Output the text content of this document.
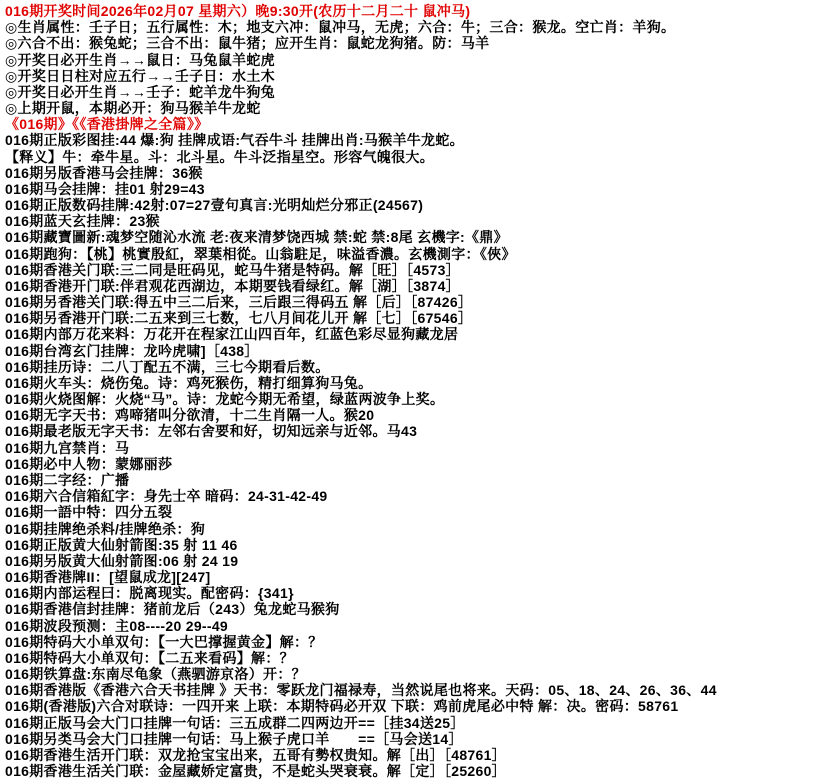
016期开奖时间2026年02月07 星期六）晚9:30开(农历十二月二十 鼠冲马)
◎生肖属性：壬子日；五行属性：木；地支六冲：鼠冲马，无虎；六合：牛；三合：猴龙。空亡肖：羊狗。
◎六合不出：猴兔蛇；三合不出：鼠牛猪；应开生肖：鼠蛇龙狗猪。防：马羊
◎开奖日必开生肖→→鼠日：马兔鼠羊蛇虎
◎开奖日日柱对应五行→→壬子日：水土木
◎开奖日必开生肖→→壬子：蛇羊龙牛狗兔
◎上期开鼠，本期必开：狗马猴羊牛龙蛇
《016期》《《香港掛牌之全篇》》
016期正版彩图挂:44 爆:狗 挂牌成语:气吞牛斗 挂牌出肖:马猴羊牛龙蛇。
【释义】牛：牵牛星。斗：北斗星。牛斗泛指星空。形容气魄很大。
016期另版香港马会挂牌：36猴
016期马会挂牌：挂01 射29=43
016期正版数码挂牌:42射:07=27壹句真言:光明灿烂分邪正(24567)
016期蓝天玄挂牌：23猴
016期藏寶圖新:魂梦空随沁水流 老:夜来清梦饶西城 禁:蛇 禁:8尾 玄機字:《鼎》
016期跑狗：【桃】桃實殷紅，翠葉相從。山翁駐足，味溢香濃。玄機測字：《俠》
016期香港关门联:三二同是旺码见，蛇马牛猪是特码。解［旺］［4573］
016期香港开门联:伴君观花西湖边，本期要钱看绿红。解［湖］［3874］
016期另香港关门联:得五中三二后来，三后跟三得码五 解［后］［87426］
016期另香港开门联:二五来到三七数，七八月间花儿开 解［七］［67546］
016期内部万花来料：万花开在程家江山四百年，红蓝色彩尽显狗藏龙居
016期台湾玄门挂牌：龙吟虎啸]［438］
016期挂历诗：二八丁配五不满，三七今期看后数。
016期火车头：烧伤兔。诗：鸡死猴伤，精打细算狗马兔。
016期火烧图解：火烧“马”。诗：龙蛇今期无希望，绿蓝两波争上奖。
016期无字天书：鸡啼猪叫分欲清，十二生肖隔一人。猴20
016期最老版无字天书：左邻右舍要和好，切知远亲与近邻。马43
016期九宫禁肖：马
016期必中人物：蒙娜丽莎
016期二字经：广播
016期六合信箱紅字：身先士卒 暗码：24-31-42-49
016期一語中特：四分五裂
016期挂牌绝杀料/挂牌绝杀：狗
016期正版黄大仙射箭图:35 射 11 46
016期另版黄大仙射箭图:06 射 24 19
016期香港牌II：[望鼠成龙][247]
016期内部运程曰：脱离现实。配密码：{341}
016期香港信封挂牌：猪前龙后（243）兔龙蛇马猴狗
016期波段预测：主08----20 29--49
016期特码大小单双句：【一大巴撑握黄金】解：？
016期特码大小单双句：【二五来看码】解：？
016期铁算盘:东南尽龟象（燕驷游京洛）开：？
016期香港版《香港六合天书挂牌 》天书：零跃龙门福禄寿，当然说尾也将来。天码：05、18、24、26、36、44
016期(香港版)六合对联诗：一四开来 上联：本期特码必开双 下联：鸡前虎尾必中特 解：决。密码：58761
016期正版马会大门口挂牌一句话：三五成群二四两边开==［挂34送25］
016期另类马会大门口挂牌一句话：马上猴子虎口羊　　==［马会送14］
016期香港生活开门联：双龙抢宝宝出来，五哥有勢权贵知。解［出］［48761］
016期香港生活关门联：金屋藏娇定富贵，不是蛇头哭衰衰。解［定］［25260］
